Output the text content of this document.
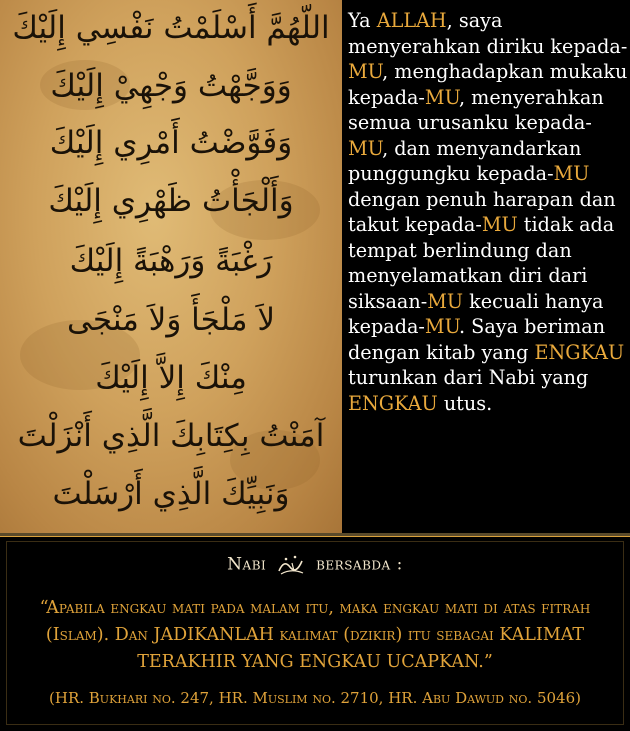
اللّهُمَّ أَسْلَمْتُ نَفْسِي إِلَيْكَ
وَوَجَّهْتُ وَجْهِيْ إِلَيْكَ
وَفَوَّضْتُ أَمْرِي إِلَيْكَ
وَأَلْجَأْتُ ظَهْرِي إِلَيْكَ
رَغْبَةً وَرَهْبَةً إِلَيْكَ
لاَ مَلْجَأَ وَلاَ مَنْجَى
مِنْكَ إِلاَّ إِلَيْكَ
آمَنْتُ بِكِتَابِكَ الَّذِي أَنْزَلْتَ
وَنَبِيِّكَ الَّذِي أَرْسَلْتَ

Ya ALLAH, saya menyerahkan diriku kepada-MU, menghadapkan mukaku kepada-MU, menyerahkan semua urusanku kepada-MU, dan menyandarkan punggungku kepada-MU dengan penuh harapan dan takut kepada-MU tidak ada tempat berlindung dan menyelamatkan diri dari siksaan-MU kecuali hanya kepada-MU. Saya beriman dengan kitab yang ENGKAU turunkan dari Nabi yang ENGKAU utus.

Nabi	bersabda :
“Apabila engkau mati pada malam itu, maka engkau mati di atas fitrah (Islam). Dan JADIKANLAH kalimat (dzikir) itu sebagai KALIMAT TERAKHIR YANG ENGKAU UCAPKAN.”
(HR. Bukhari no. 247, HR. Muslim no. 2710, HR. Abu Dawud no. 5046)
